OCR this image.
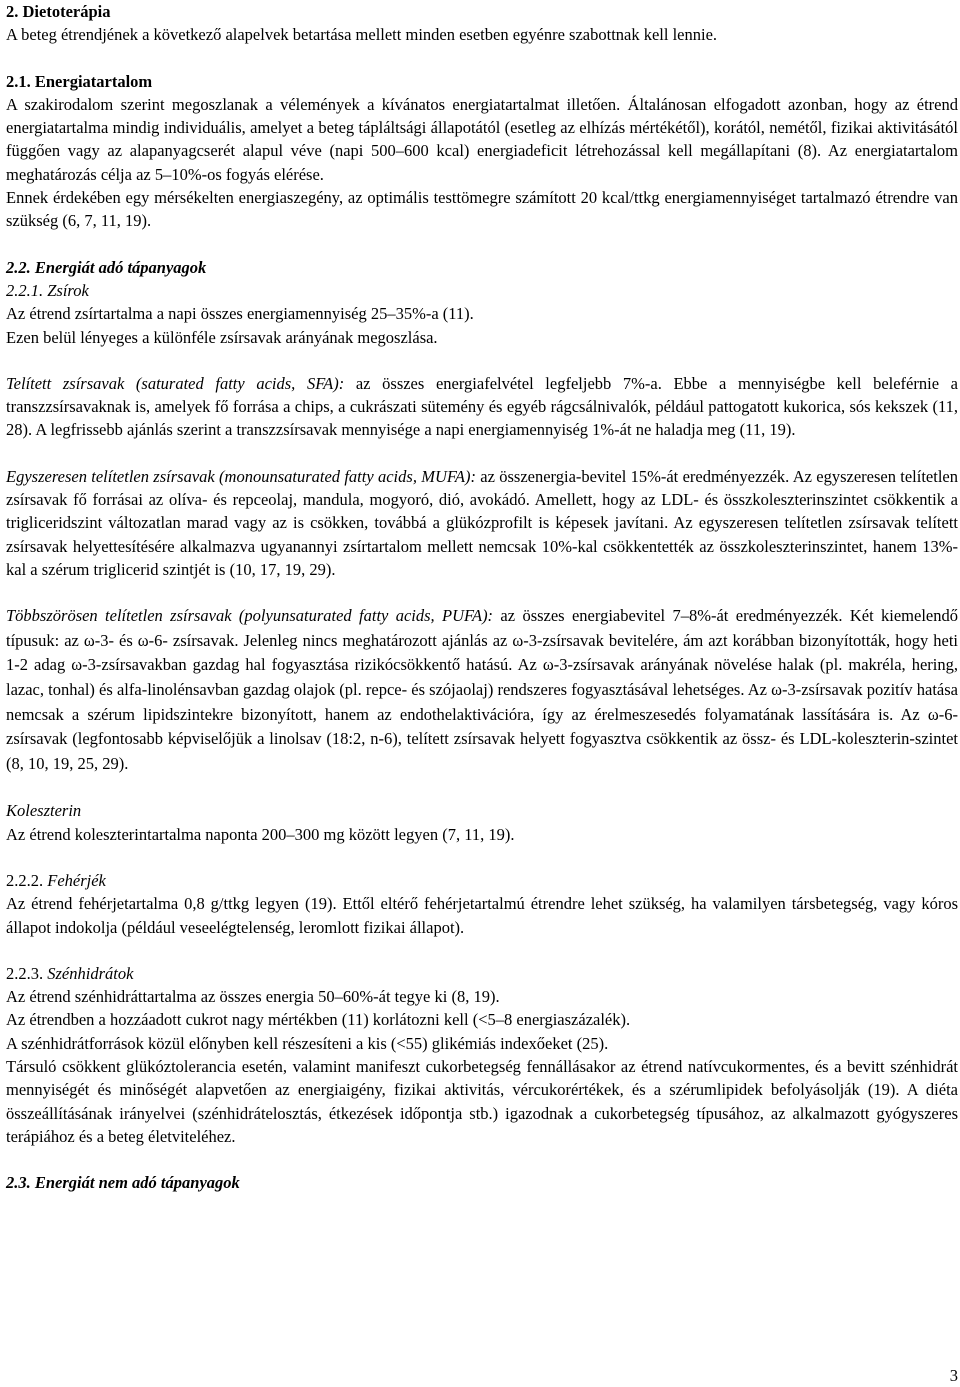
2. Dietoterápia

A beteg étrendjének a következő alapelvek betartása mellett minden esetben egyénre szabottnak kell lennie.

2.1. Energiatartalom

A szakirodalom szerint megoszlanak a vélemények a kívánatos energiatartalmat illetően. Általánosan elfogadott azonban, hogy az étrend energiatartalma mindig individuális, amelyet a beteg tápláltsági állapotától (esetleg az elhízás mértékétől), korától, nemétől, fizikai aktivitásától függően vagy az alapanyagcserét alapul véve (napi 500–600 kcal) energiadeficit létrehozással kell megállapítani (8). Az energiatartalom meghatározás célja az 5–10%-os fogyás elérése.

Ennek érdekében egy mérsékelten energiaszegény, az optimális testtömegre számított 20 kcal/ttkg energiamennyiséget tartalmazó étrendre van szükség (6, 7, 11, 19).

2.2. Energiát adó tápanyagok

2.2.1. Zsírok

Az étrend zsírtartalma a napi összes energiamennyiség 25–35%-a (11).

Ezen belül lényeges a különféle zsírsavak arányának megoszlása.

Telített zsírsavak (saturated fatty acids, SFA): az összes energiafelvétel legfeljebb 7%-a. Ebbe a mennyiségbe kell beleférnie a transzzsírsavaknak is, amelyek fő forrása a chips, a cukrászati sütemény és egyéb rágcsálnivalók, például pattogatott kukorica, sós kekszek (11, 28). A legfrissebb ajánlás szerint a transzzsírsavak mennyisége a napi energiamennyiség 1%-át ne haladja meg (11, 19).

Egyszeresen telítetlen zsírsavak (monounsaturated fatty acids, MUFA): az összenergia-bevitel 15%-át eredményezzék. Az egyszeresen telítetlen zsírsavak fő forrásai az olíva- és repceolaj, mandula, mogyoró, dió, avokádó. Amellett, hogy az LDL- és összkoleszterinszintet csökkentik a trigliceridszint változatlan marad vagy az is csökken, továbbá a glükózprofilt is képesek javítani. Az egyszeresen telítetlen zsírsavak telített zsírsavak helyettesítésére alkalmazva ugyanannyi zsírtartalom mellett nemcsak 10%-kal csökkentették az összkoleszterinszintet, hanem 13%-kal a szérum triglicerid szintjét is (10, 17, 19, 29).

Többszörösen telítetlen zsírsavak (polyunsaturated fatty acids, PUFA): az összes energiabevitel 7–8%-át eredményezzék. Két kiemelendő típusuk: az ω-3- és ω-6- zsírsavak. Jelenleg nincs meghatározott ajánlás az ω-3-zsírsavak bevitelére, ám azt korábban bizonyították, hogy heti 1-2 adag ω-3-zsírsavakban gazdag hal fogyasztása rizikócsökkentő hatású. Az ω-3-zsírsavak arányának növelése halak (pl. makréla, hering, lazac, tonhal) és alfa-linolénsavban gazdag olajok (pl. repce- és szójaolaj) rendszeres fogyasztásával lehetséges. Az ω-3-zsírsavak pozitív hatása nemcsak a szérum lipidszintekre bizonyított, hanem az endothelaktivációra, így az érelmeszesedés folyamatának lassítására is. Az ω-6-zsírsavak (legfontosabb képviselőjük a linolsav (18:2, n-6), telített zsírsavak helyett fogyasztva csökkentik az össz- és LDL-koleszterin-szintet (8, 10, 19, 25, 29).

Koleszterin

Az étrend koleszterintartalma naponta 200–300 mg között legyen (7, 11, 19).

2.2.2. Fehérjék

Az étrend fehérjetartalma 0,8 g/ttkg legyen (19). Ettől eltérő fehérjetartalmú étrendre lehet szükség, ha valamilyen társbetegség, vagy kóros állapot indokolja (például veseelégtelenség, leromlott fizikai állapot).

2.2.3. Szénhidrátok

Az étrend szénhidráttartalma az összes energia 50–60%-át tegye ki (8, 19).

Az étrendben a hozzáadott cukrot nagy mértékben (11) korlátozni kell (<5–8 energiaszázalék).

A szénhidrátforrások közül előnyben kell részesíteni a kis (<55) glikémiás indexőeket (25).

Társuló csökkent glükóztolerancia esetén, valamint manifeszt cukorbetegség fennállásakor az étrend natívcukormentes, és a bevitt szénhidrát mennyiségét és minőségét alapvetően az energiaigény, fizikai aktivitás, vércukorértékek, és a szérumlipidek befolyásolják (19). A diéta összeállításának irányelvei (szénhidrátelosztás, étkezések időpontja stb.) igazodnak a cukorbetegség típusához, az alkalmazott gyógyszeres terápiához és a beteg életviteléhez.

2.3. Energiát nem adó tápanyagok

3
